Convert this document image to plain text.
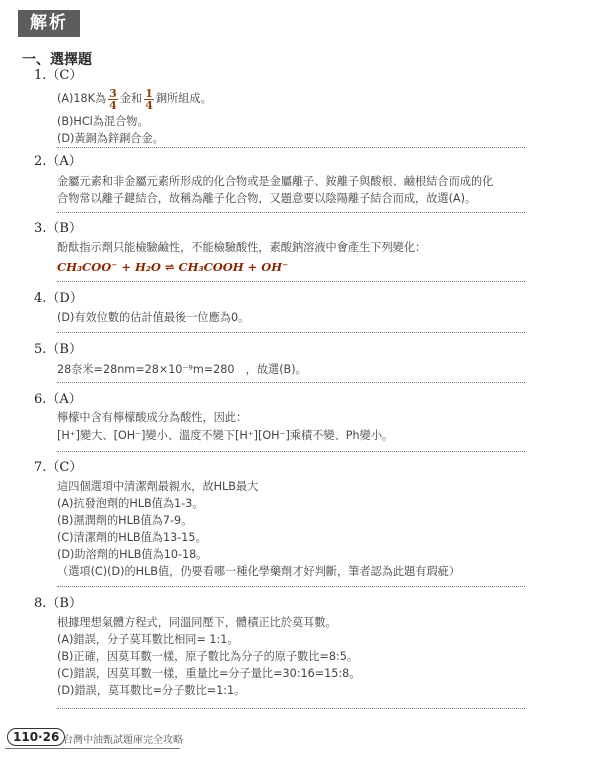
解析
一、選擇題
1.（C）
(A)18K為 $\frac{3}{4}$ 金和 $\frac{1}{4}$ 銅所組成。
(B)HCl為混合物。
(D)黃銅為鋅銅合金。
2.（A）
金屬元素和非金屬元素所形成的化合物或是金屬離子、銨離子與酸根、鹼根結合而成的化
合物常以離子鍵結合，故稱為離子化合物，又題意要以陰陽離子結合而成，故選(A)。
3.（B）
酚酞指示劑只能檢驗鹼性，不能檢驗酸性，素酸鈉溶液中會產生下列變化：
CH₃COO⁻ + H₂O ⇌ CH₃COOH + OH⁻
4.（D）
(D)有效位數的估計值最後一位應為0。
5.（B）
28奈米=28nm=28×10⁻⁹m=280　，故選(B)。
6.（A）
檸檬中含有檸檬酸成分為酸性，因此：
[H⁺]變大、[OH⁻]變小、溫度不變下[H⁺][OH⁻]乘積不變、Ph變小。
7.（C）
這四個選項中清潔劑最親水，故HLB最大
(A)抗發泡劑的HLB值為1-3。
(B)濕潤劑的HLB值為7-9。
(C)清潔劑的HLB值為13-15。
(D)助溶劑的HLB值為10-18。
（選項(C)(D)的HLB值，仍要看哪一種化學藥劑才好判斷，筆者認為此題有瑕疵）
8.（B）
根據理想氣體方程式，同溫同壓下，體積正比於莫耳數。
(A)錯誤，分子莫耳數比相同= 1:1。
(B)正確，因莫耳數一樣，原子數比為分子的原子數比=8:5。
(C)錯誤，因莫耳數一樣，重量比=分子量比=30:16=15:8。
(D)錯誤，莫耳數比=分子數比=1:1。
110·26 台灣中油甄試題庫完全攻略
